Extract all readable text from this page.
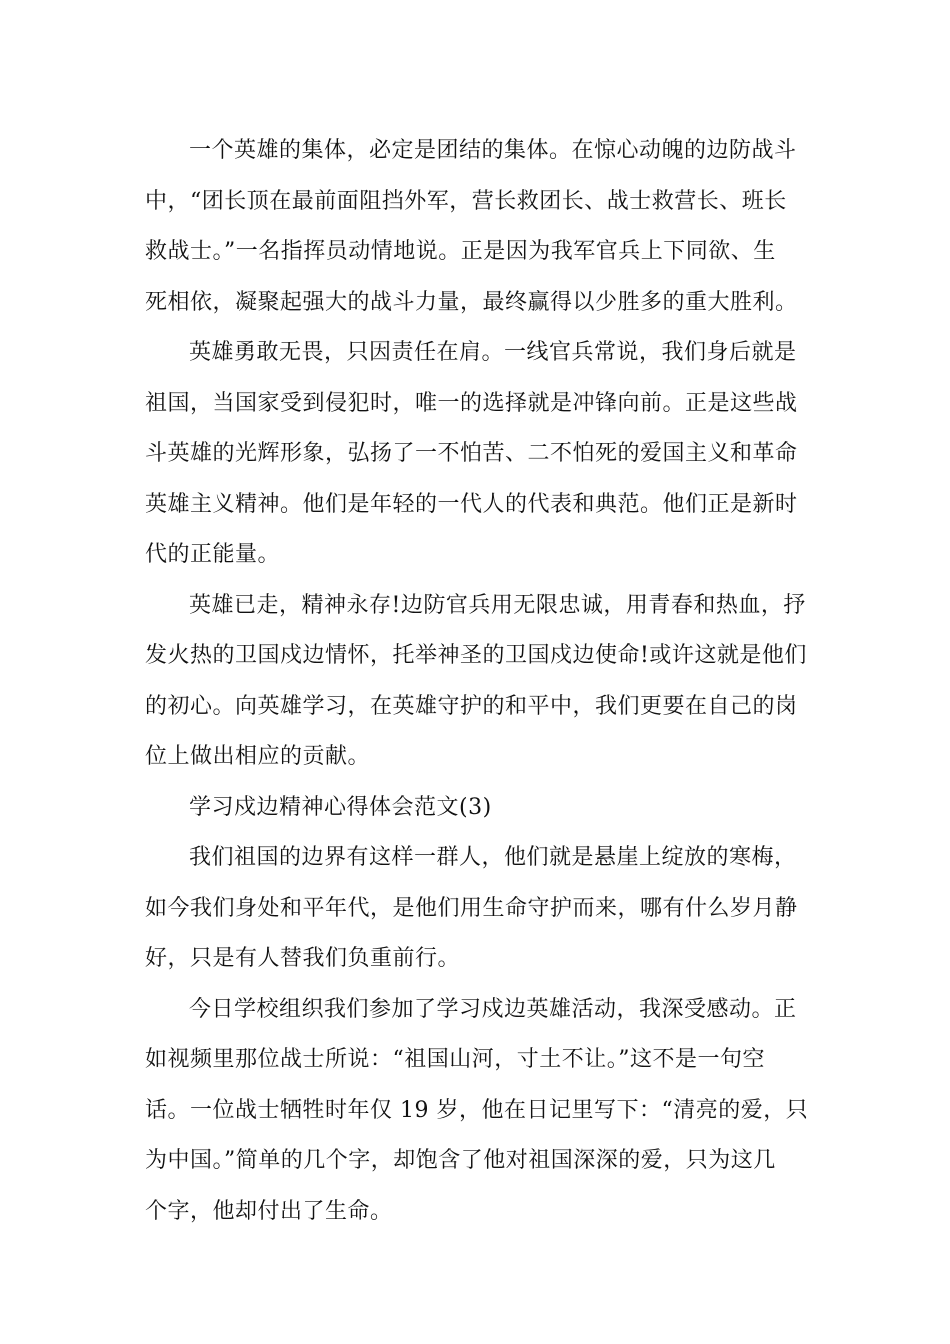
一个英雄的集体，必定是团结的集体。在惊心动魄的边防战斗
中，“团长顶在最前面阻挡外军，营长救团长、战士救营长、班长
救战士。”一名指挥员动情地说。正是因为我军官兵上下同欲、生
死相依，凝聚起强大的战斗力量，最终赢得以少胜多的重大胜利。

英雄勇敢无畏，只因责任在肩。一线官兵常说，我们身后就是
祖国，当国家受到侵犯时，唯一的选择就是冲锋向前。正是这些战
斗英雄的光辉形象，弘扬了一不怕苦、二不怕死的爱国主义和革命
英雄主义精神。他们是年轻的一代人的代表和典范。他们正是新时
代的正能量。

英雄已走，精神永存!边防官兵用无限忠诚，用青春和热血，抒
发火热的卫国戍边情怀，托举神圣的卫国戍边使命!或许这就是他们
的初心。向英雄学习，在英雄守护的和平中，我们更要在自己的岗
位上做出相应的贡献。

学习戍边精神心得体会范文(3)

我们祖国的边界有这样一群人，他们就是悬崖上绽放的寒梅，
如今我们身处和平年代，是他们用生命守护而来，哪有什么岁月静
好，只是有人替我们负重前行。

今日学校组织我们参加了学习戍边英雄活动，我深受感动。正
如视频里那位战士所说：“祖国山河，寸土不让。”这不是一句空
话。一位战士牺牲时年仅 19 岁，他在日记里写下：“清亮的爱，只
为中国。”简单的几个字，却饱含了他对祖国深深的爱，只为这几
个字，他却付出了生命。
